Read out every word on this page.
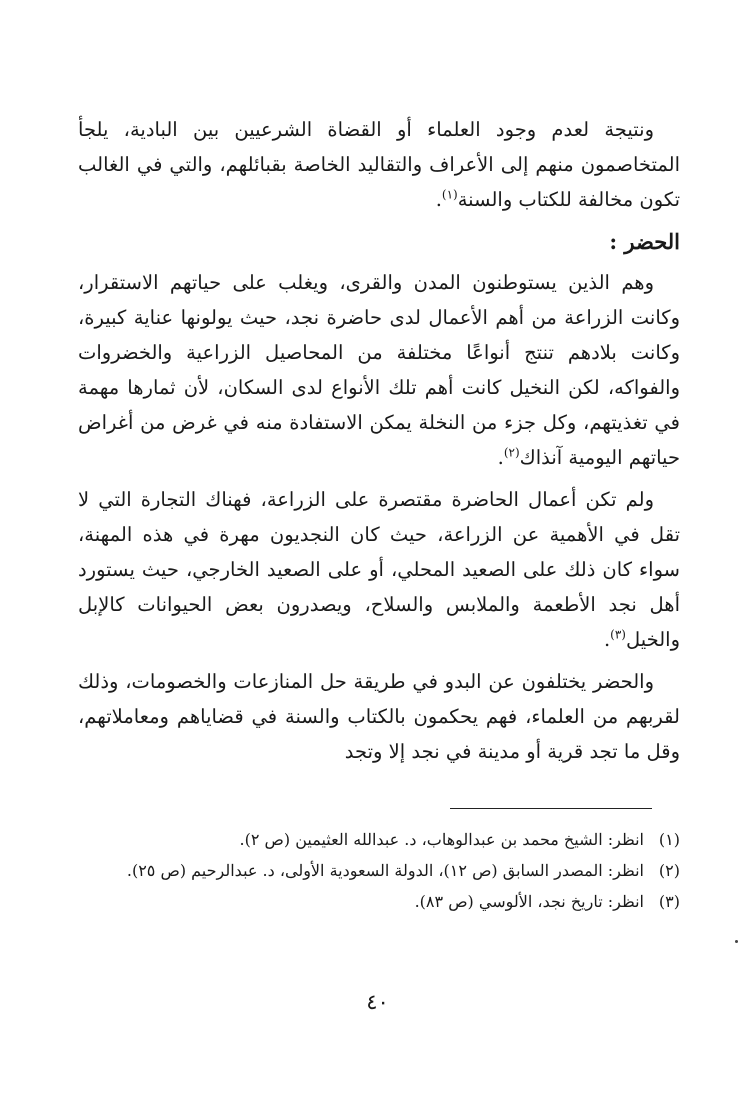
ونتيجة لعدم وجود العلماء أو القضاة الشرعيين بين البادية، يلجأ المتخاصمون منهم إلى الأعراف والتقاليد الخاصة بقبائلهم، والتي في الغالب تكون مخالفة للكتاب والسنة$^{(١)}$.

الحضر :

وهم الذين يستوطنون المدن والقرى، ويغلب على حياتهم الاستقرار، وكانت الزراعة من أهم الأعمال لدى حاضرة نجد، حيث يولونها عناية كبيرة، وكانت بلادهم تنتج أنواعًا مختلفة من المحاصيل الزراعية والخضروات والفواكه، لكن النخيل كانت أهم تلك الأنواع لدى السكان، لأن ثمارها مهمة في تغذيتهم، وكل جزء من النخلة يمكن الاستفادة منه في غرض من أغراض حياتهم اليومية آنذاك$^{(٢)}$.

ولم تكن أعمال الحاضرة مقتصرة على الزراعة، فهناك التجارة التي لا تقل في الأهمية عن الزراعة، حيث كان النجديون مهرة في هذه المهنة، سواء كان ذلك على الصعيد المحلي، أو على الصعيد الخارجي، حيث يستورد أهل نجد الأطعمة والملابس والسلاح، ويصدرون بعض الحيوانات كالإبل والخيل$^{(٣)}$.

والحضر يختلفون عن البدو في طريقة حل المنازعات والخصومات، وذلك لقربهم من العلماء، فهم يحكمون بالكتاب والسنة في قضاياهم ومعاملاتهم، وقل ما تجد قرية أو مدينة في نجد إلا وتجد

(١)
انظر: الشيخ محمد بن عبدالوهاب، د. عبدالله العثيمين (ص ٢).
(٢)
انظر: المصدر السابق (ص ١٢)، الدولة السعودية الأولى، د. عبدالرحيم (ص ٢٥).
(٣)
انظر: تاريخ نجد، الألوسي (ص ٨٣).
٤٠
